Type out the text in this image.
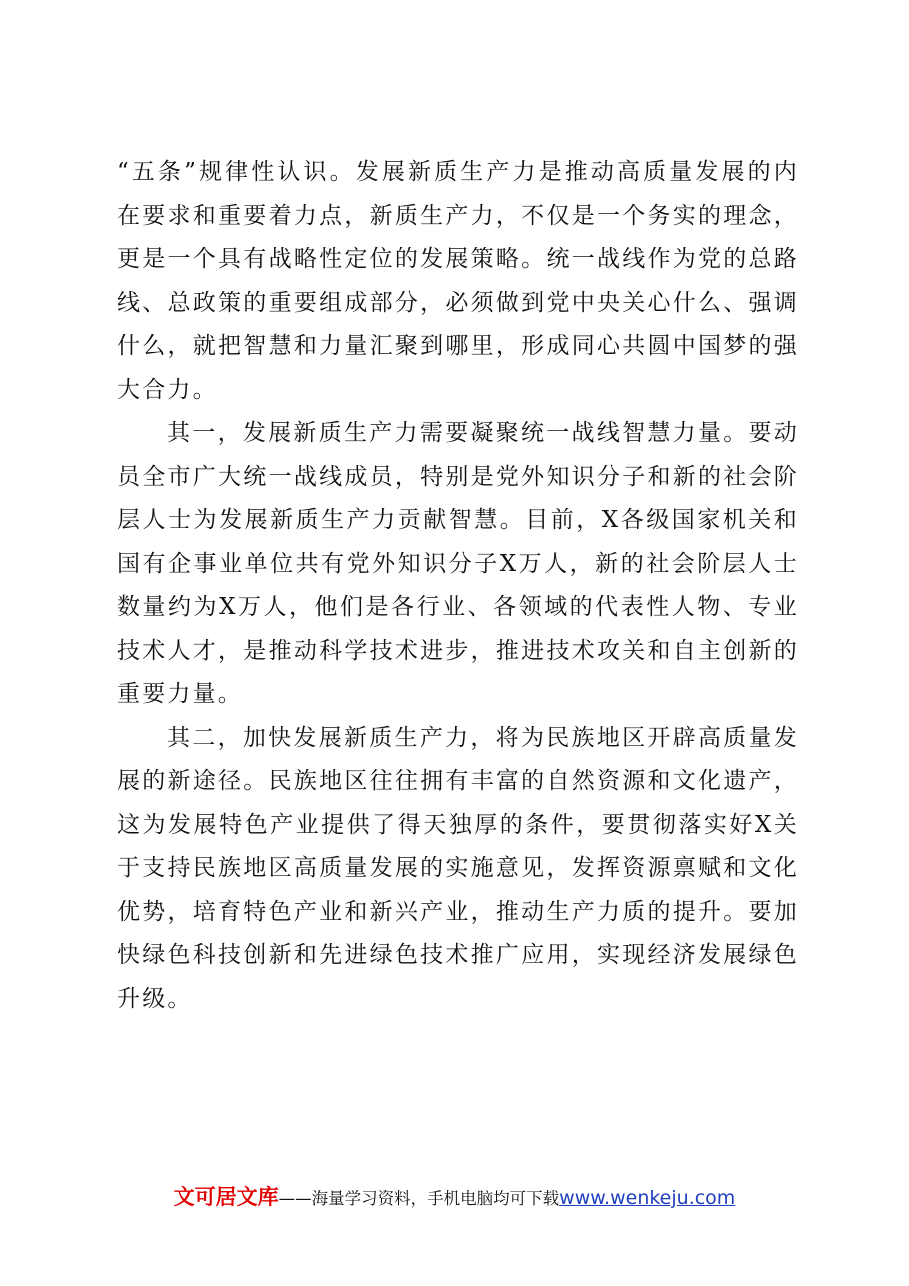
“五条”规律性认识。发展新质生产力是推动高质量发展的内在要求和重要着力点，新质生产力，不仅是一个务实的理念，更是一个具有战略性定位的发展策略。统一战线作为党的总路线、总政策的重要组成部分，必须做到党中央关心什么、强调什么，就把智慧和力量汇聚到哪里，形成同心共圆中国梦的强大合力。

其一，发展新质生产力需要凝聚统一战线智慧力量。要动员全市广大统一战线成员，特别是党外知识分子和新的社会阶层人士为发展新质生产力贡献智慧。目前，X各级国家机关和国有企事业单位共有党外知识分子X万人，新的社会阶层人士数量约为X万人，他们是各行业、各领域的代表性人物、专业技术人才，是推动科学技术进步，推进技术攻关和自主创新的重要力量。

其二，加快发展新质生产力，将为民族地区开辟高质量发展的新途径。民族地区往往拥有丰富的自然资源和文化遗产，这为发展特色产业提供了得天独厚的条件，要贯彻落实好X关于支持民族地区高质量发展的实施意见，发挥资源禀赋和文化优势，培育特色产业和新兴产业，推动生产力质的提升。要加快绿色科技创新和先进绿色技术推广应用，实现经济发展绿色升级。

文可居文库——海量学习资料，手机电脑均可下载www.wenkeju.com
